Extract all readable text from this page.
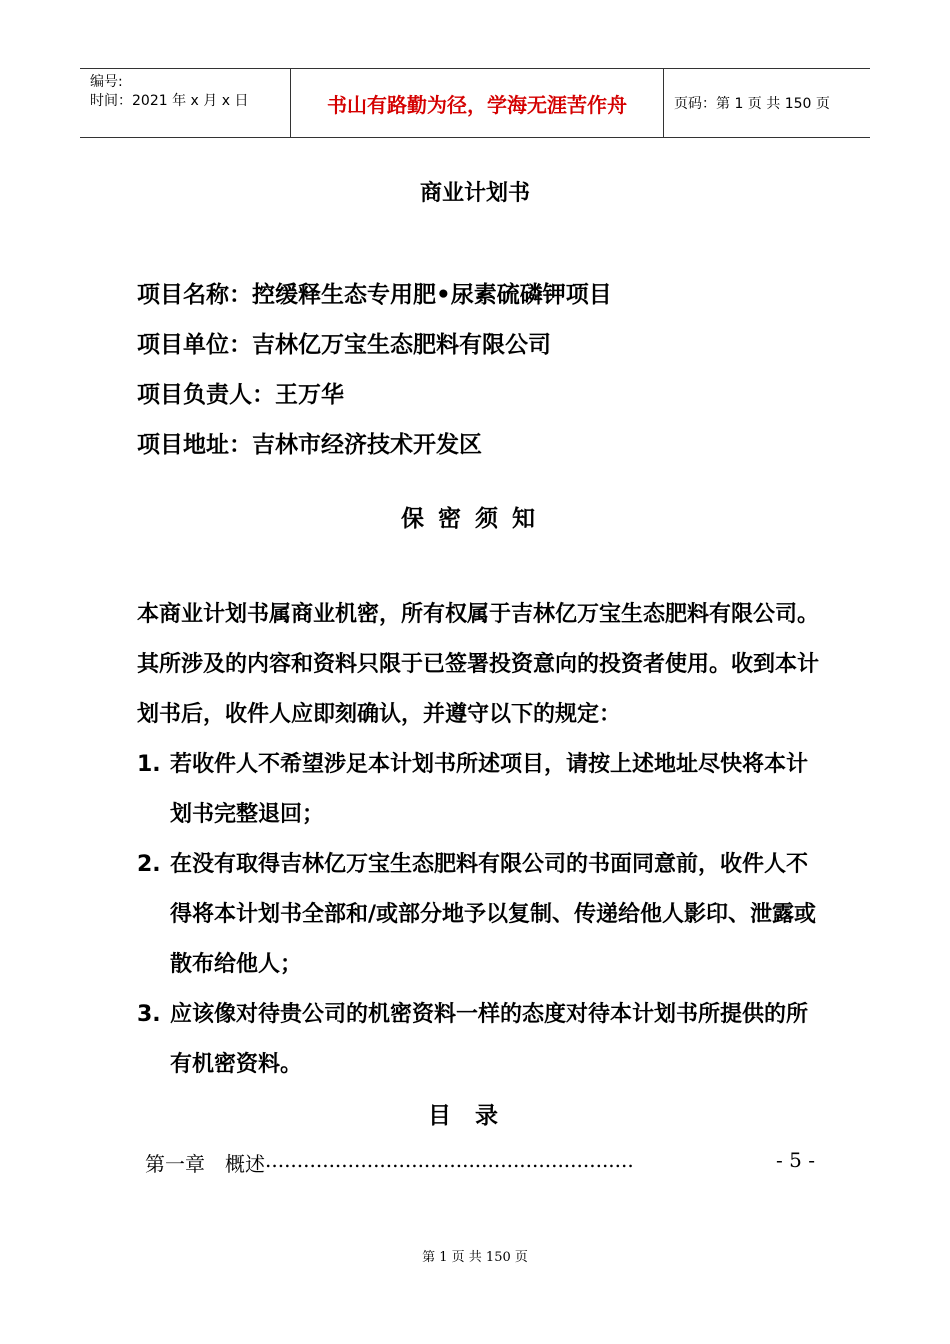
编号:
时间：2021 年 x 月 x 日	书山有路勤为径，学海无涯苦作舟	页码：第 1 页 共 150 页
商业计划书
项目名称：控缓释生态专用肥•尿素硫磷钾项目
项目单位：吉林亿万宝生态肥料有限公司
项目负责人：王万华
项目地址：吉林市经济技术开发区
保密须知
本商业计划书属商业机密，所有权属于吉林亿万宝生态肥料有限公司。其所涉及的内容和资料只限于已签署投资意向的投资者使用。收到本计划书后，收件人应即刻确认，并遵守以下的规定：
1. 若收件人不希望涉足本计划书所述项目，请按上述地址尽快将本计划书完整退回；
2. 在没有取得吉林亿万宝生态肥料有限公司的书面同意前，收件人不得将本计划书全部和/或部分地予以复制、传递给他人影印、泄露或散布给他人；
3. 应该像对待贵公司的机密资料一样的态度对待本计划书所提供的所有机密资料。
目录
第一章　概述 ..........................................................	- 5 -
第 1 页 共 150 页
